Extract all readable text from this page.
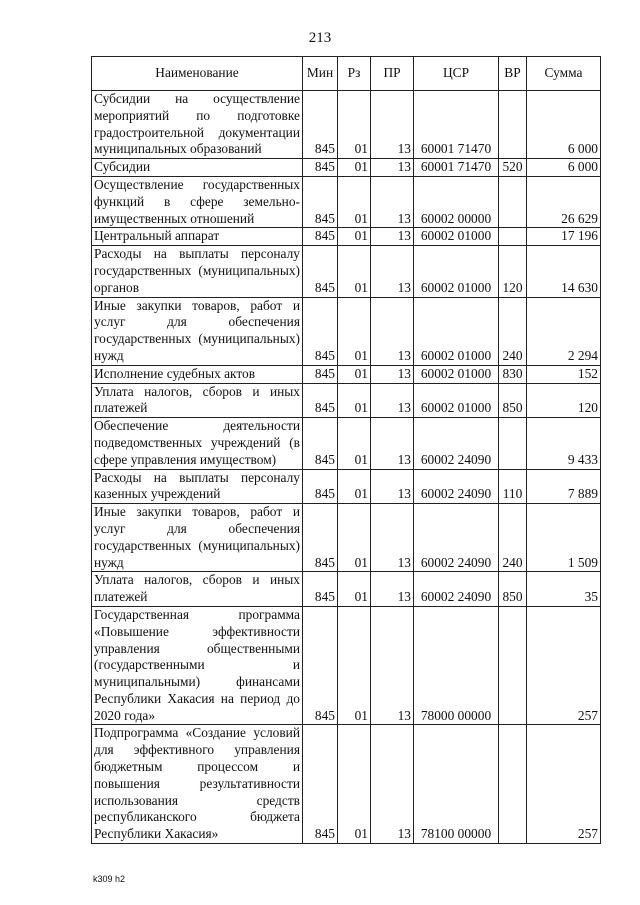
213
Наименование	Мин	Рз	ПР	ЦСР	ВР	Сумма
Субсидии на осуществление мероприятий по подготовке градостроительной документации муниципальных образований	845	01	13	60001 71470		6 000
Субсидии	845	01	13	60001 71470	520	6 000
Осуществление государственных функций в сфере земельно-имущественных отношений	845	01	13	60002 00000		26 629
Центральный аппарат	845	01	13	60002 01000		17 196
Расходы на выплаты персоналу государственных (муниципальных) органов	845	01	13	60002 01000	120	14 630
Иные закупки товаров, работ и услуг для обеспечения государственных (муниципальных) нужд	845	01	13	60002 01000	240	2 294
Исполнение судебных актов	845	01	13	60002 01000	830	152
Уплата налогов, сборов и иных платежей	845	01	13	60002 01000	850	120
Обеспечение деятельности подведомственных учреждений (в сфере управления имуществом)	845	01	13	60002 24090		9 433
Расходы на выплаты персоналу казенных учреждений	845	01	13	60002 24090	110	7 889
Иные закупки товаров, работ и услуг для обеспечения государственных (муниципальных) нужд	845	01	13	60002 24090	240	1 509
Уплата налогов, сборов и иных платежей	845	01	13	60002 24090	850	35
Государственная программа «Повышение эффективности управления общественными (государственными и муниципальными) финансами Республики Хакасия на период до 2020 года»	845	01	13	78000 00000		257
Подпрограмма «Создание условий для эффективного управления бюджетным процессом и повышения результативности использования средств республиканского бюджета Республики Хакасия»	845	01	13	78100 00000		257
k309 h2
